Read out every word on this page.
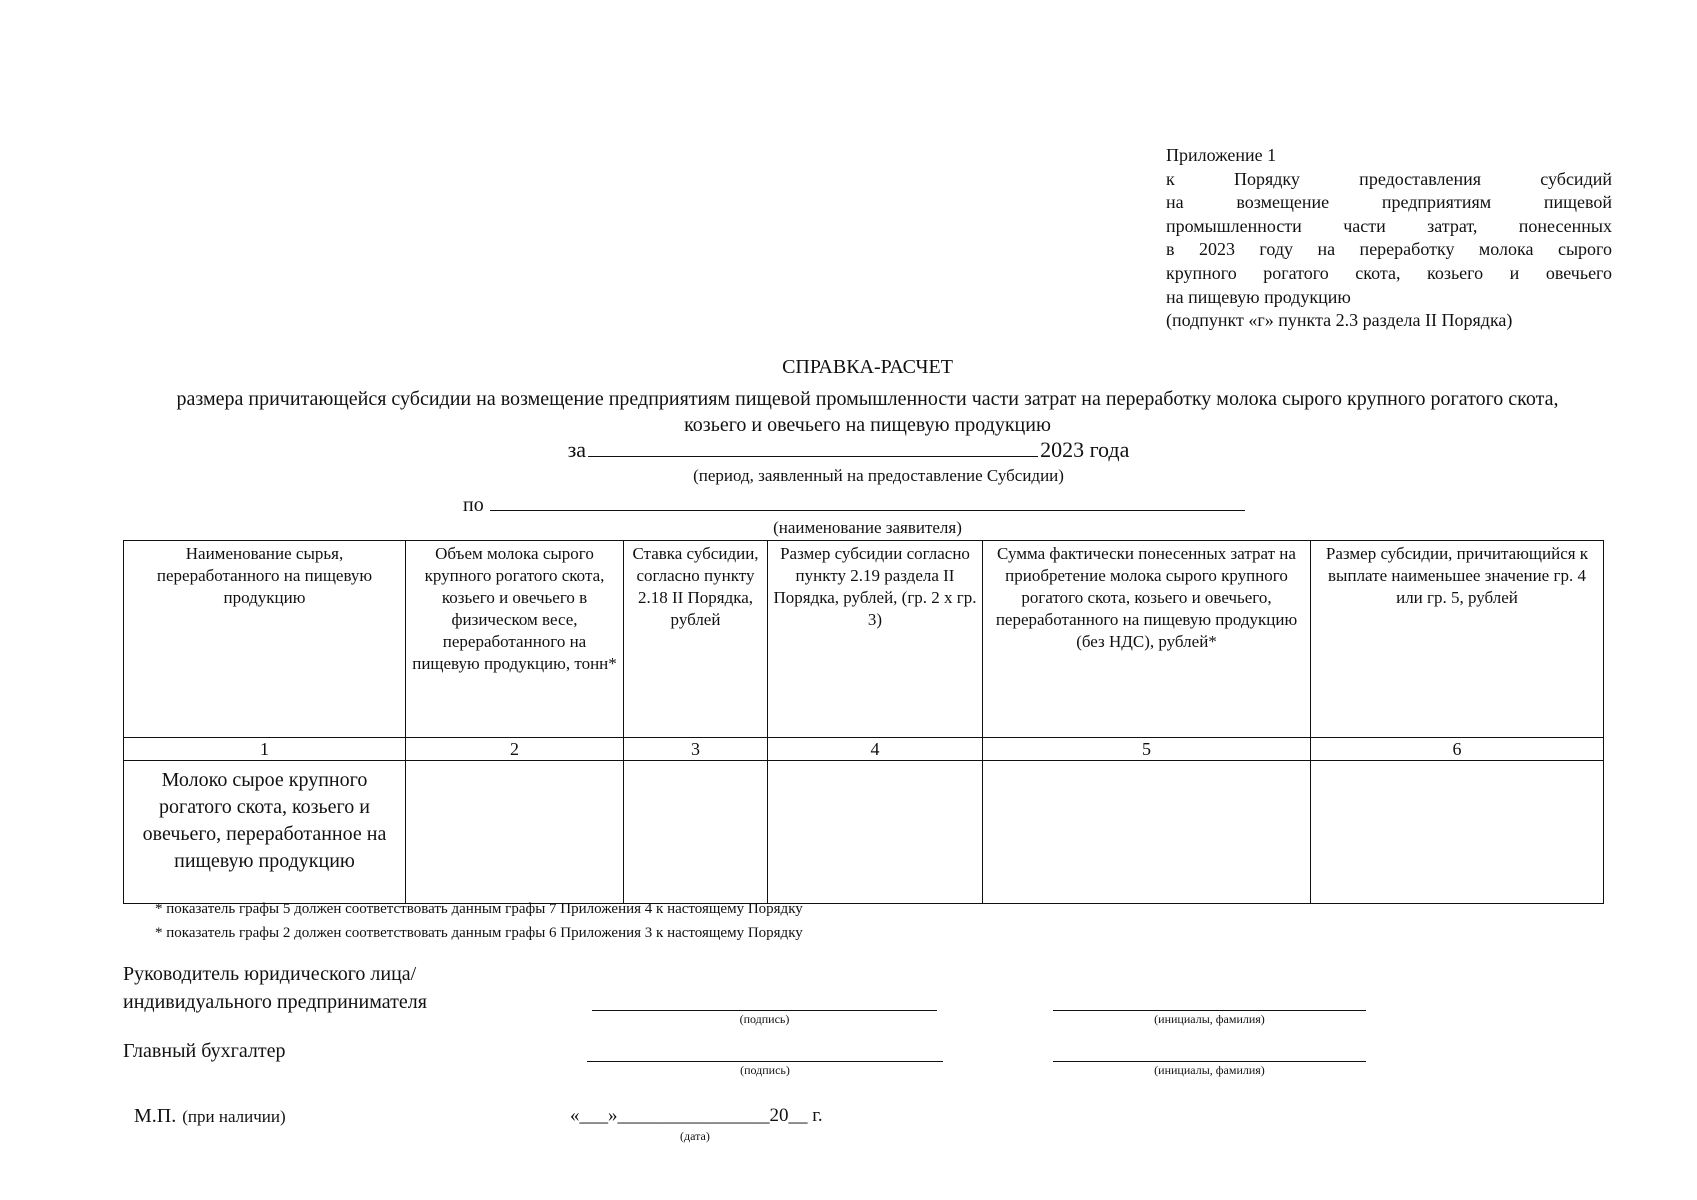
Приложение 1
к Порядку предоставления субсидий
на возмещение предприятиям пищевой
промышленности части затрат, понесенных
в 2023 году на переработку молока сырого
крупного рогатого скота, козьего и овечьего
на пищевую продукцию
(подпункт «г» пункта 2.3 раздела II Порядка)
СПРАВКА-РАСЧЕТ
размера причитающейся субсидии на возмещение предприятиям пищевой промышленности части затрат на переработку молока сырого крупного рогатого скота, козьего и овечьего на пищевую продукцию
за	2023 года
(период, заявленный на предоставление Субсидии)
по
(наименование заявителя)
Наименование сырья, переработанного на пищевую продукцию	Объем молока сырого крупного рогатого скота, козьего и овечьего в физическом весе, переработанного на пищевую продукцию, тонн*	Ставка субсидии, согласно пункту 2.18 II Порядка, рублей	Размер субсидии согласно пункту 2.19 раздела II Порядка, рублей, (гр. 2 х гр. 3)	Сумма фактически понесенных затрат на приобретение молока сырого крупного рогатого скота, козьего и овечьего, переработанного на пищевую продукцию (без НДС), рублей*	Размер субсидии, причитающийся к выплате наименьшее значение гр. 4 или гр. 5, рублей
1	2	3	4	5	6
Молоко сырое крупного рогатого скота, козьего и овечьего, переработанное на пищевую продукцию					
* показатель графы 5 должен соответствовать данным графы 7 Приложения 4 к настоящему Порядку
* показатель графы 2 должен соответствовать данным графы 6 Приложения 3 к настоящему Порядку
Руководитель юридического лица/
индивидуального предпринимателя
(подпись)	(инициалы, фамилия)
Главный бухгалтер
(подпись)	(инициалы, фамилия)
М.П. (при наличии)	«___»________________20__ г.
(дата)
